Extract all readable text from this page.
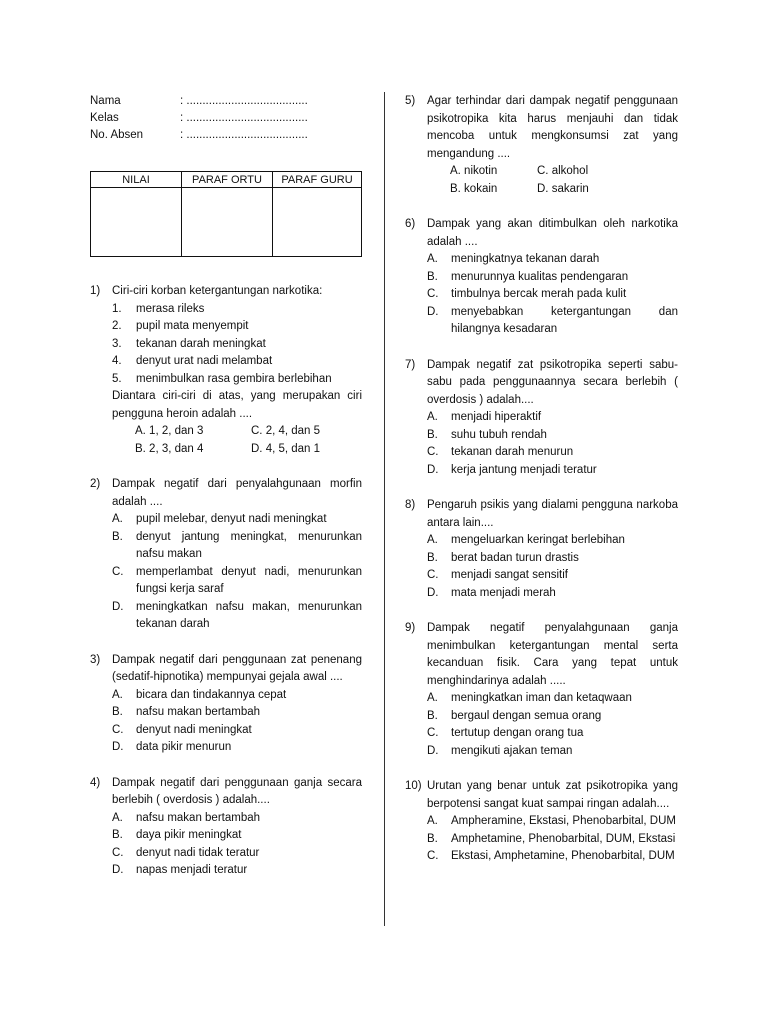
Nama	: ......................................
Kelas	: ......................................
No. Absen	: ......................................
NILAI	PARAF ORTU	PARAF GURU

1)	Ciri-ciri korban ketergantungan narkotika:
1.	merasa rileks
2.	pupil mata menyempit
3.	tekanan darah meningkat
4.	denyut urat nadi melambat
5.	menimbulkan rasa gembira berlebihan
Diantara ciri-ciri di atas, yang merupakan ciri pengguna heroin adalah ....
A. 1, 2, dan 3	C. 2, 4, dan 5
B. 2, 3, dan 4	D. 4, 5, dan 1
2)	Dampak negatif dari penyalahgunaan morfin adalah ....
A.	pupil melebar, denyut nadi meningkat
B.	denyut jantung meningkat, menurunkan nafsu makan
C.	memperlambat denyut nadi, menurunkan fungsi kerja saraf
D.	meningkatkan nafsu makan, menurunkan tekanan darah
3)	Dampak negatif dari penggunaan zat penenang (sedatif-hipnotika) mempunyai gejala awal ....
A.	bicara dan tindakannya cepat
B.	nafsu makan bertambah
C.	denyut nadi meningkat
D.	data pikir menurun
4)	Dampak negatif dari penggunaan ganja secara berlebih ( overdosis ) adalah....
A.	nafsu makan bertambah
B.	daya pikir meningkat
C.	denyut nadi tidak teratur
D.	napas menjadi teratur
5)	Agar terhindar dari dampak negatif penggunaan psikotropika kita harus menjauhi dan tidak mencoba untuk mengkonsumsi zat yang mengandung ....
A. nikotin	C. alkohol
B. kokain	D. sakarin
6)	Dampak yang akan ditimbulkan oleh narkotika adalah ....
A.	meningkatnya tekanan darah
B.	menurunnya kualitas pendengaran
C.	timbulnya bercak merah pada kulit
D.	menyebabkan ketergantungan dan hilangnya kesadaran
7)	Dampak negatif zat psikotropika seperti sabu-sabu pada penggunaannya secara berlebih ( overdosis ) adalah....
A.	menjadi hiperaktif
B.	suhu tubuh rendah
C.	tekanan darah menurun
D.	kerja jantung menjadi teratur
8)	Pengaruh psikis yang dialami pengguna narkoba antara lain....
A.	mengeluarkan keringat berlebihan
B.	berat badan turun drastis
C.	menjadi sangat sensitif
D.	mata menjadi merah
9)	Dampak negatif penyalahgunaan ganja menimbulkan ketergantungan mental serta kecanduan fisik. Cara yang tepat untuk menghindarinya adalah .....
A.	meningkatkan iman dan ketaqwaan
B.	bergaul dengan semua orang
C.	tertutup dengan orang tua
D.	mengikuti ajakan teman
10) Urutan yang benar untuk zat psikotropika yang berpotensi sangat kuat sampai ringan adalah....
A.	Ampheramine, Ekstasi, Phenobarbital, DUM
B.	Amphetamine, Phenobarbital, DUM, Ekstasi
C.	Ekstasi, Amphetamine, Phenobarbital, DUM
